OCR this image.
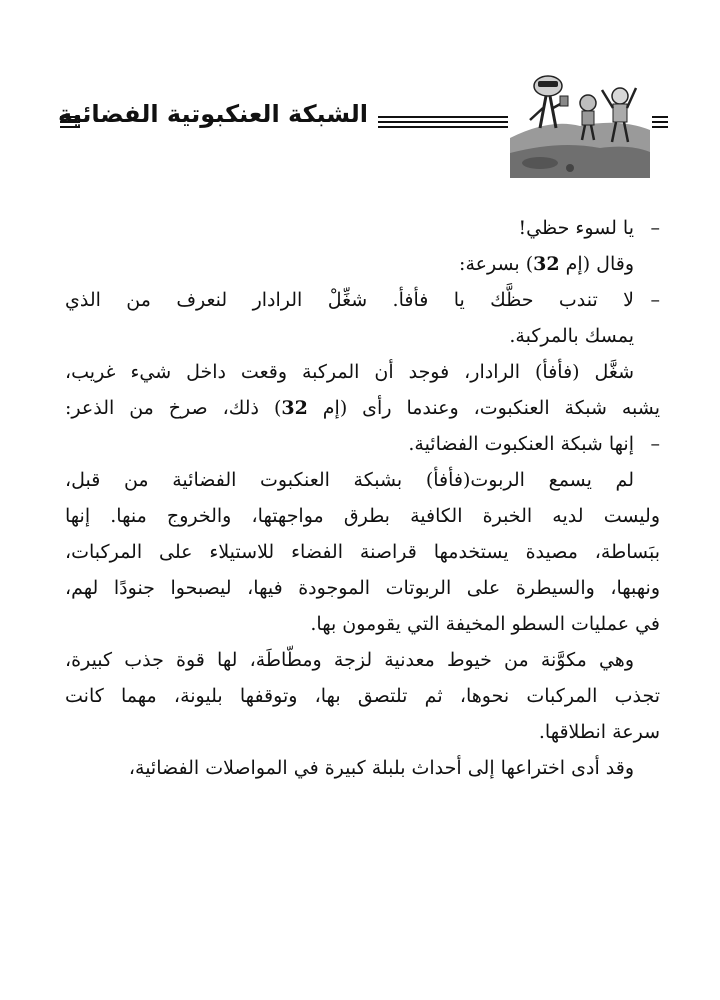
الشبكة العنكبوتية الفضائية

–
يا لسوء حظي!

وقال (إم 32) بسرعة:

–
لا تندب حظَّك يا فأفأ. شغِّلْ الرادار لنعرف من الذي

يمسك بالمركبة.

شغَّل (فأفأ) الرادار، فوجد أن المركبة وقعت داخل شيء غريب،

يشبه شبكة العنكبوت، وعندما رأى (إم 32) ذلك، صرخ من الذعر:

–
إنها شبكة العنكبوت الفضائية.

لم يسمع الربوت(فأفأ) بشبكة العنكبوت الفضائية من قبل،

وليست لديه الخبرة الكافية بطرق مواجهتها، والخروج منها. إنها

ببَساطة، مصيدة يستخدمها قراصنة الفضاء للاستيلاء على المركبات،

ونهبها، والسيطرة على الربوتات الموجودة فيها، ليصبحوا جنودًا لهم،

في عمليات السطو المخيفة التي يقومون بها.

وهي مكوَّنة من خيوط معدنية لزجة ومطّاطَة، لها قوة جذب كبيرة،

تجذب المركبات نحوها، ثم تلتصق بها، وتوقفها بليونة، مهما كانت

سرعة انطلاقها.

وقد أدى اختراعها إلى أحداث بلبلة كبيرة في المواصلات الفضائية،
